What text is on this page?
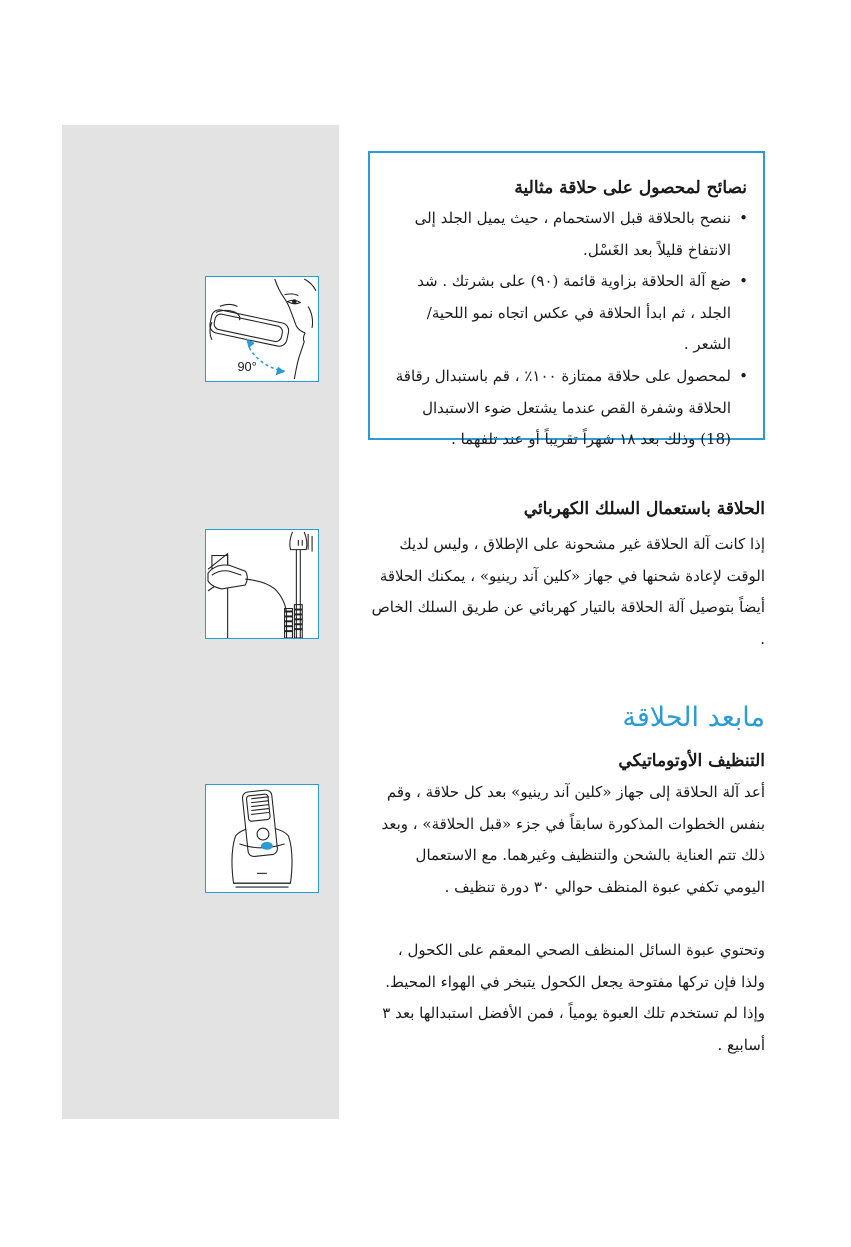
90°
نصائح لمحصول على حلاقة مثالية
• ننصح بالحلاقة قبل الاستحمام ، حيث يميل الجلد إلى الانتفاخ قليلاً بعد الغَسْل.
• ضع آلة الحلاقة بزاوية قائمة (٩٠) على بشرتك . شد الجلد ، ثم ابدأ الحلاقة في عكس اتجاه نمو اللحية/الشعر .
• لمحصول على حلاقة ممتازة ١٠٠٪ ، قم باستبدال رقاقة الحلاقة وشفرة القص عندما يشتعل ضوء الاستبدال (18) وذلك بعد ١٨ شهراً تقريباً أو عند تلفهما .
الحلاقة باستعمال السلك الكهربائي
إذا كانت آلة الحلاقة غير مشحونة على الإطلاق ، وليس لديك الوقت لإعادة شحنها في جهاز «كلين آند رينيو» ، يمكنك الحلاقة أيضاً بتوصيل آلة الحلاقة بالتيار كهربائي عن طريق السلك الخاص .
مابعد الحلاقة
التنظيف الأوتوماتيكي
أعد آلة الحلاقة إلى جهاز «كلين آند رينيو» بعد كل حلاقة ، وقم بنفس الخطوات المذكورة سابقاً في جزء «قبل الحلاقة» ، وبعد ذلك تتم العناية بالشحن والتنظيف وغيرهما. مع الاستعمال اليومي تكفي عبوة المنظف حوالي ٣٠ دورة تنظيف .
وتحتوي عبوة السائل المنظف الصحي المعقم على الكحول ، ولذا فإن تركها مفتوحة يجعل الكحول يتبخر في الهواء المحيط. وإذا لم تستخدم تلك العبوة يومياً ، فمن الأفضل استبدالها بعد ٣ أسابيع .
